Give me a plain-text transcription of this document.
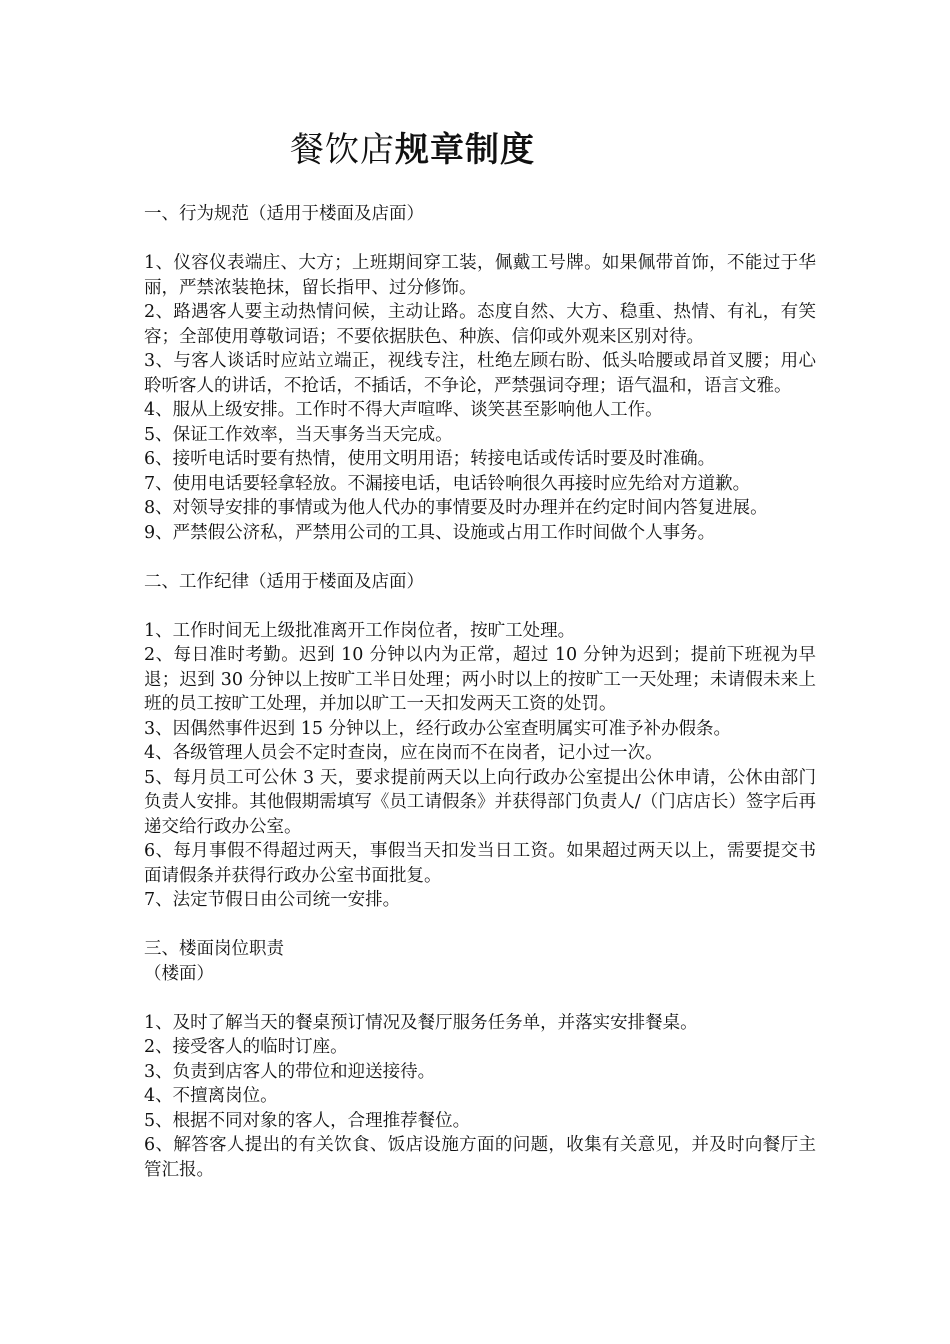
餐饮店规章制度

一、行为规范（适用于楼面及店面）

1、仪容仪表端庄、大方；上班期间穿工装，佩戴工号牌。如果佩带首饰，不能过于华丽，严禁浓装艳抹，留长指甲、过分修饰。

2、路遇客人要主动热情问候，主动让路。态度自然、大方、稳重、热情、有礼，有笑容；全部使用尊敬词语；不要依据肤色、种族、信仰或外观来区别对待。

3、与客人谈话时应站立端正，视线专注，杜绝左顾右盼、低头哈腰或昂首叉腰；用心聆听客人的讲话，不抢话，不插话，不争论，严禁强词夺理；语气温和，语言文雅。

4、服从上级安排。工作时不得大声喧哗、谈笑甚至影响他人工作。

5、保证工作效率，当天事务当天完成。

6、接听电话时要有热情，使用文明用语；转接电话或传话时要及时准确。

7、使用电话要轻拿轻放。不漏接电话，电话铃响很久再接时应先给对方道歉。

8、对领导安排的事情或为他人代办的事情要及时办理并在约定时间内答复进展。

9、严禁假公济私，严禁用公司的工具、设施或占用工作时间做个人事务。

二、工作纪律（适用于楼面及店面）

1、工作时间无上级批准离开工作岗位者，按旷工处理。

2、每日准时考勤。迟到 10 分钟以内为正常，超过 10 分钟为迟到；提前下班视为早退；迟到 30 分钟以上按旷工半日处理；两小时以上的按旷工一天处理；未请假未来上班的员工按旷工处理，并加以旷工一天扣发两天工资的处罚。

3、因偶然事件迟到 15 分钟以上，经行政办公室查明属实可准予补办假条。

4、各级管理人员会不定时查岗，应在岗而不在岗者，记小过一次。

5、每月员工可公休 3 天，要求提前两天以上向行政办公室提出公休申请，公休由部门负责人安排。其他假期需填写《员工请假条》并获得部门负责人/（门店店长）签字后再递交给行政办公室。

6、每月事假不得超过两天，事假当天扣发当日工资。如果超过两天以上，需要提交书面请假条并获得行政办公室书面批复。

7、法定节假日由公司统一安排。

三、楼面岗位职责

（楼面）

1、及时了解当天的餐桌预订情况及餐厅服务任务单，并落实安排餐桌。

2、接受客人的临时订座。

3、负责到店客人的带位和迎送接待。

4、不擅离岗位。

5、根据不同对象的客人，合理推荐餐位。

6、解答客人提出的有关饮食、饭店设施方面的问题，收集有关意见，并及时向餐厅主管汇报。
